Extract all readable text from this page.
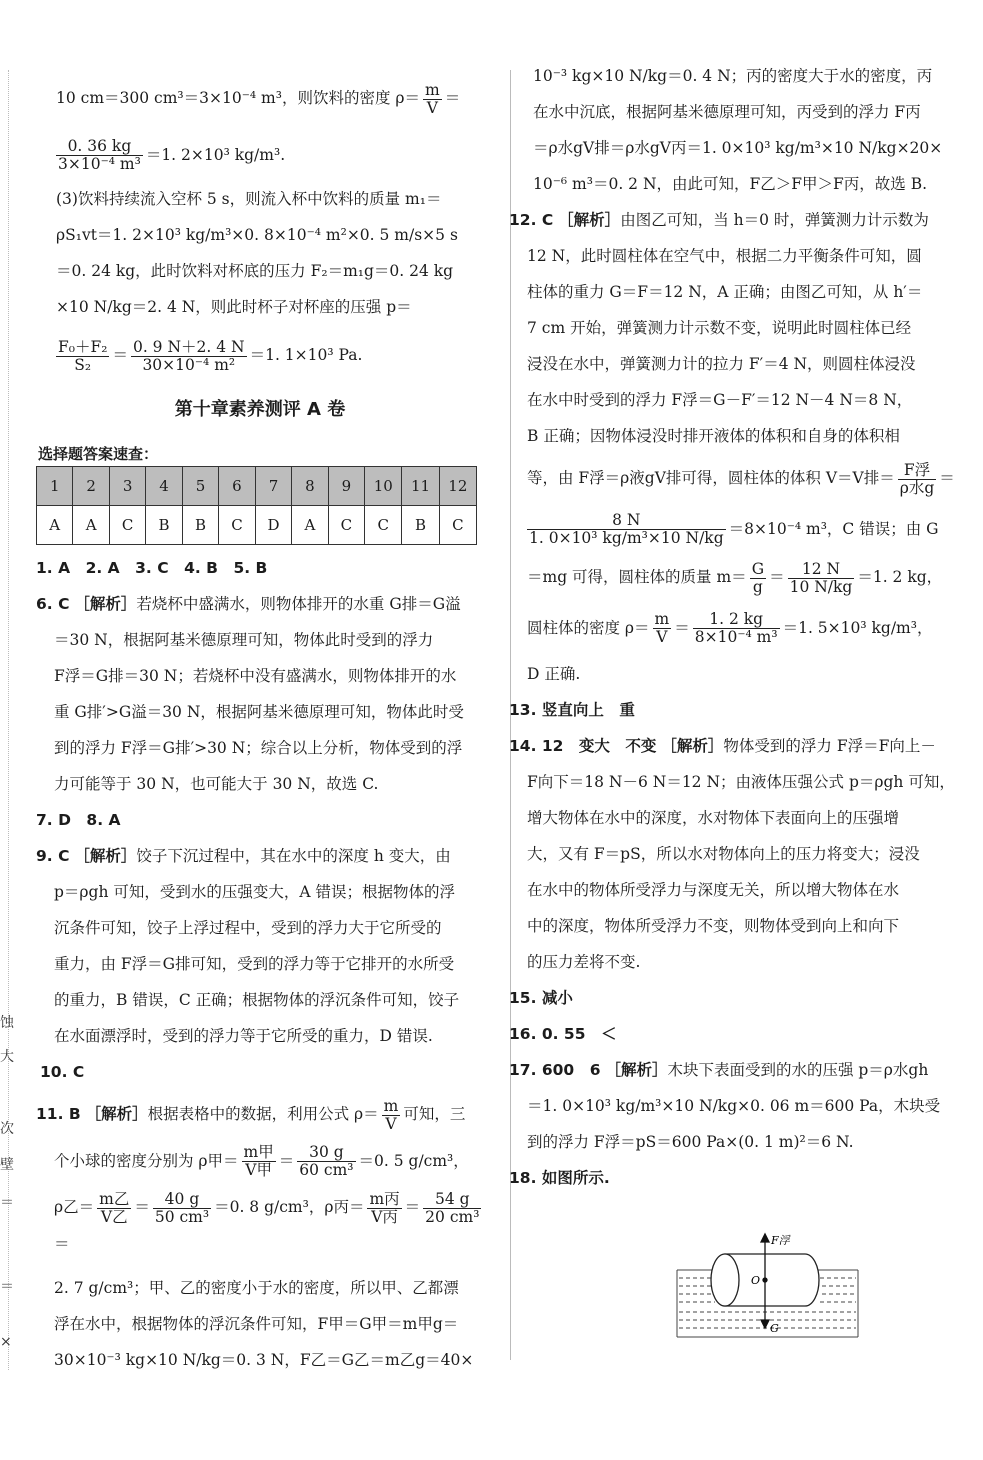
蚀
大
次
壁
＝
＝
×

10 cm＝300 cm³＝3×10⁻⁴ m³，则饮料的密度 $\rho= \frac{m}{V}$ ＝

$\frac{0. 36 kg}{\text{3×10⁻⁴ m³}} =1$. 2×10³ kg/m³.

(3)饮料持续流入空杯 5 s，则流入杯中饮料的质量 m₁＝

ρS₁vt＝1. 2×10³ kg/m³×0. 8×10⁻⁴ m²×0. 5 m/s×5 s

＝0. 24 kg，此时饮料对杯底的压力 F₂＝m₁g＝0. 24 kg

×10 N/kg＝2. 4 N，则此时杯子对杯座的压强 p＝

$\frac{\text{F₀＋F₂}}{\text{S₂}} = \frac{0. 9 N+2. 4 N}{\text{30×10⁻⁴ m²}} =1$. 1×10³ Pa.

第十章素养测评 A 卷
选择题答案速查：
1	2	3	4	5	6	7	8	9	10	11	12
A	A	C	B	B	C	D	A	C	C	B	C

1. A　2. A　3. C　4. B　5. B

6. C ［解析］若烧杯中盛满水，则物体排开的水重 G排＝G溢

＝30 N，根据阿基米德原理可知，物体此时受到的浮力

F浮＝G排＝30 N；若烧杯中没有盛满水，则物体排开的水

重 G排′>G溢＝30 N，根据阿基米德原理可知，物体此时受

到的浮力 F浮＝G排′>30 N；综合以上分析，物体受到的浮

力可能等于 30 N，也可能大于 30 N，故选 C.

7. D　8. A

9. C ［解析］饺子下沉过程中，其在水中的深度 h 变大，由

p＝ρgh 可知，受到水的压强变大，A 错误；根据物体的浮

沉条件可知，饺子上浮过程中，受到的浮力大于它所受的

重力，由 F浮＝G排可知，受到的浮力等于它排开的水所受

的重力，B 错误，C 正确；根据物体的浮沉条件可知，饺子

在水面漂浮时，受到的浮力等于它所受的重力，D 错误.

10. C

11. B ［解析］根据表格中的数据，利用公式 $\rho= \frac{m}{V}$ 可知，三

个小球的密度分别为 ρ甲＝ $\frac{\text{m甲}}{\text{V甲}} = \frac{30 g}{\text{60 cm³}} =0$. 5 g/cm³，

ρ乙＝ $\frac{\text{m乙}}{\text{V乙}} = \frac{40 g}{\text{50 cm³}} =0$. 8 g/cm³，ρ丙＝ $\frac{\text{m丙}}{\text{V丙}} = \frac{54 g}{\text{20 cm³}}$
＝

2. 7 g/cm³；甲、乙的密度小于水的密度，所以甲、乙都漂

浮在水中，根据物体的浮沉条件可知，F甲＝G甲＝m甲g＝

30×10⁻³ kg×10 N/kg＝0. 3 N，F乙＝G乙＝m乙g＝40×

10⁻³ kg×10 N/kg＝0. 4 N；丙的密度大于水的密度，丙

在水中沉底，根据阿基米德原理可知，丙受到的浮力 F丙

＝ρ水gV排＝ρ水gV丙＝1. 0×10³ kg/m³×10 N/kg×20×

10⁻⁶ m³＝0. 2 N，由此可知，F乙＞F甲＞F丙，故选 B.

12. C ［解析］由图乙可知，当 h＝0 时，弹簧测力计示数为

12 N，此时圆柱体在空气中，根据二力平衡条件可知，圆

柱体的重力 G＝F＝12 N，A 正确；由图乙可知，从 h′＝

7 cm 开始，弹簧测力计示数不变，说明此时圆柱体已经

浸没在水中，弹簧测力计的拉力 F′＝4 N，则圆柱体浸没

在水中时受到的浮力 F浮＝G－F′＝12 N－4 N＝8 N，

B 正确；因物体浸没时排开液体的体积和自身的体积相

等，由 F浮＝ρ液gV排可得，圆柱体的体积 V＝V排＝ $\frac{\text{F浮}}{\text{ρ水g}}$ ＝

$\frac{8 N}{\text{1. 0×10³ kg/m³×10 N/kg}} =8\times 10^{-4}$ m³，C 错误；由 G

＝mg 可得，圆柱体的质量 $m= \frac{G}{g} = \frac{12 N}{10 N/kg} =1$. 2 kg，

圆柱体的密度 $\rho= \frac{m}{V} = \frac{1. 2 kg}{\text{8×10⁻⁴ m³}} =1$. 5×10³ kg/m³，

D 正确.

13. 竖直向上　重

14. 12　变大　不变 ［解析］物体受到的浮力 F浮＝F向上－

F向下＝18 N－6 N＝12 N；由液体压强公式 p＝ρgh 可知，

增大物体在水中的深度，水对物体下表面向上的压强增

大，又有 F＝pS，所以水对物体向上的压力将变大；浸没

在水中的物体所受浮力与深度无关，所以增大物体在水

中的深度，物体所受浮力不变，则物体受到向上和向下

的压力差将不变.

15. 减小

16. 0. 55　＜

17. 600　6 ［解析］木块下表面受到的水的压强 p＝ρ水gh

＝1. 0×10³ kg/m³×10 N/kg×0. 06 m＝600 Pa，木块受

到的浮力 F浮＝pS＝600 Pa×(0. 1 m)²＝6 N.

18. 如图所示.

F浮
O
G
